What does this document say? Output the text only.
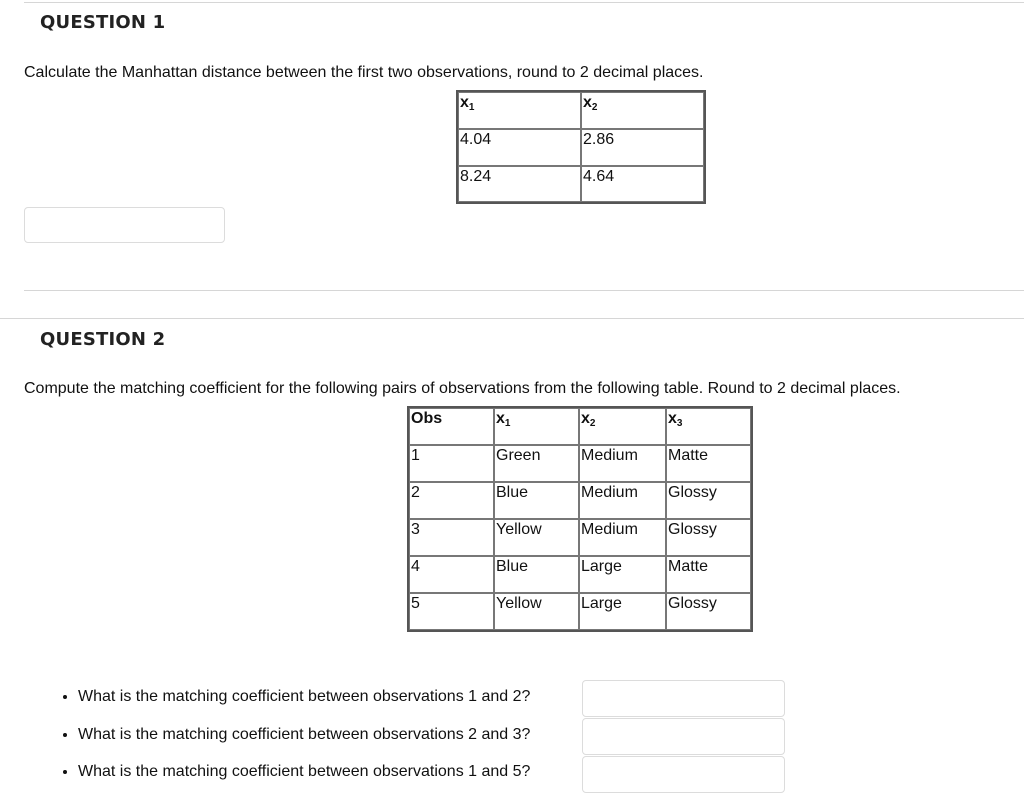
QUESTION 1
Calculate the Manhattan distance between the first two observations, round to 2 decimal places.
$x_1$	$x_2$
4.04	2.86
8.24	4.64
QUESTION 2
Compute the matching coefficient for the following pairs of observations from the following table. Round to 2 decimal places.
Obs	$x_1$	$x_2$	$x_3$
1	Green	Medium	Matte
2	Blue	Medium	Glossy
3	Yellow	Medium	Glossy
4	Blue	Large	Matte
5	Yellow	Large	Glossy
• What is the matching coefficient between observations 1 and 2?
• What is the matching coefficient between observations 2 and 3?
• What is the matching coefficient between observations 1 and 5?
